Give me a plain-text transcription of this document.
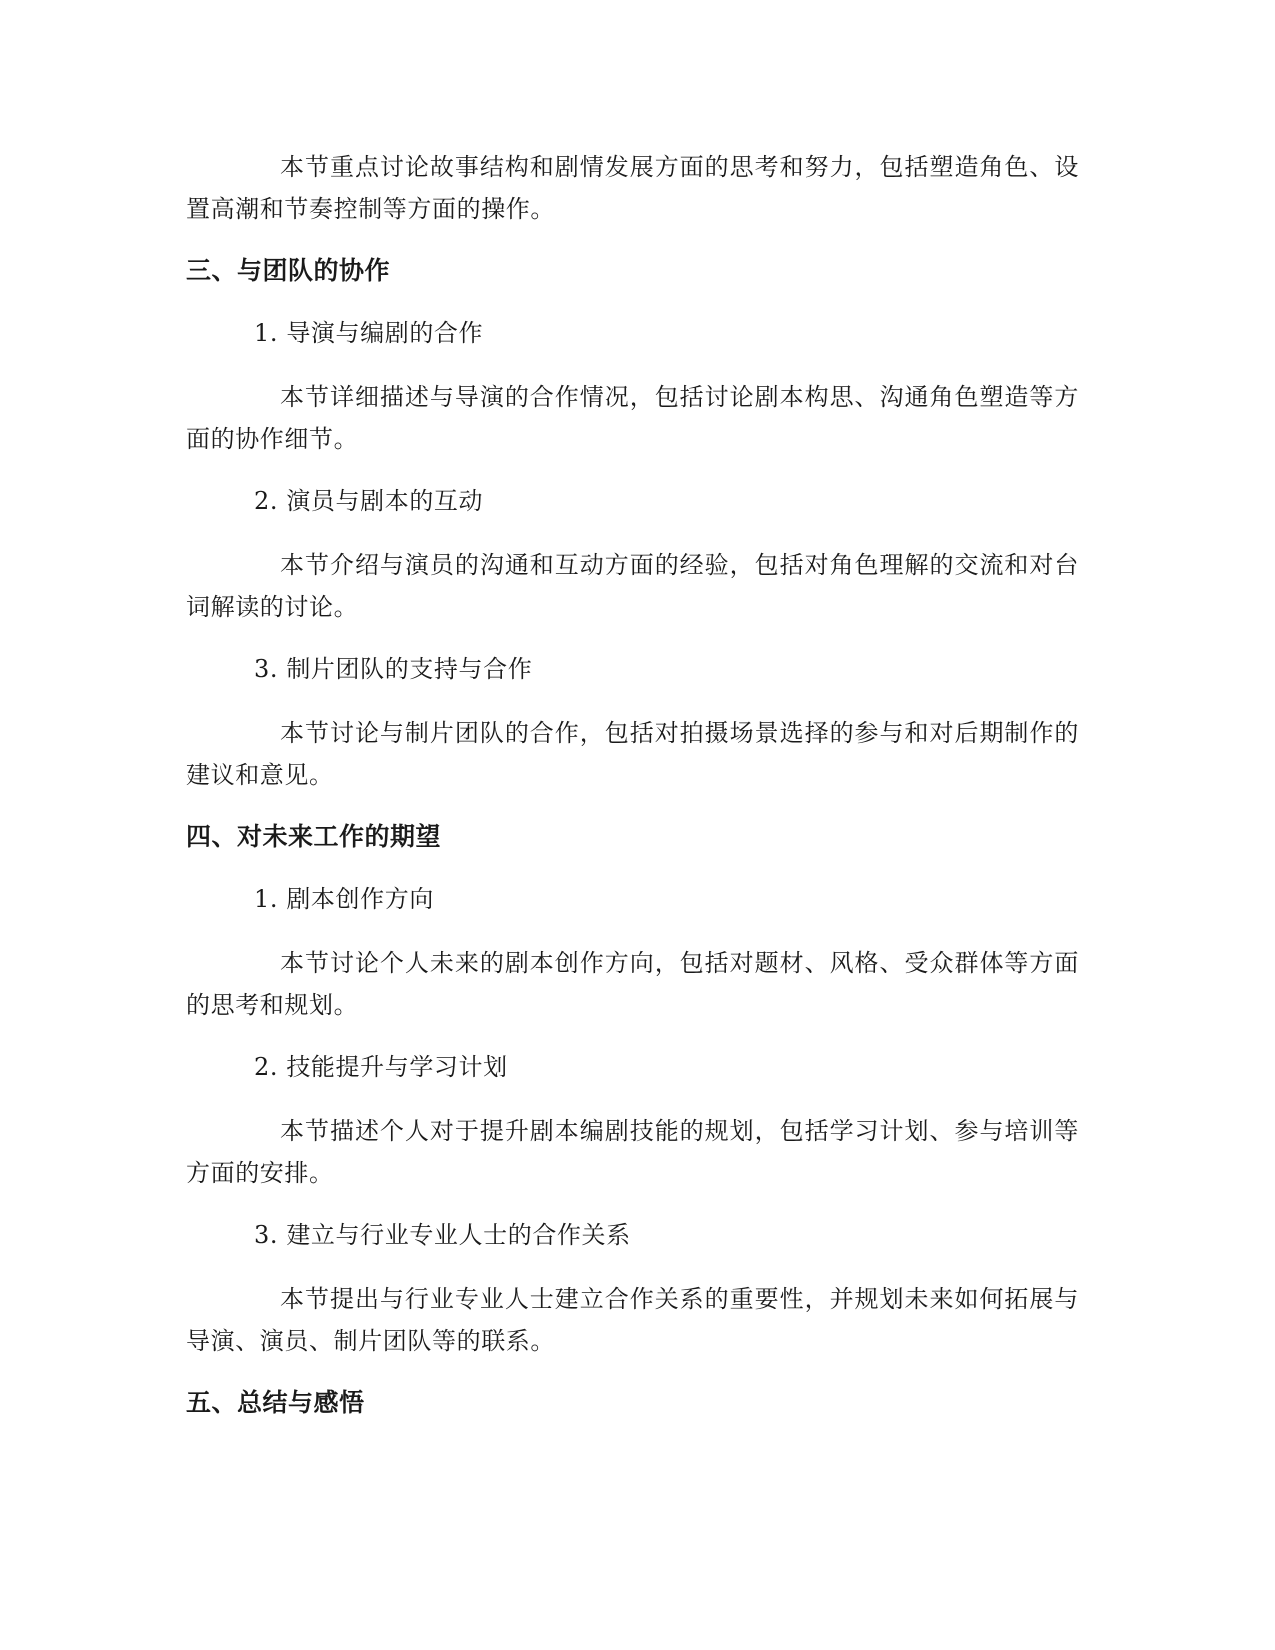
本节重点讨论故事结构和剧情发展方面的思考和努力，包括塑造角色、设置高潮和节奏控制等方面的操作。

三、与团队的协作
1. 导演与编剧的合作

本节详细描述与导演的合作情况，包括讨论剧本构思、沟通角色塑造等方面的协作细节。

2. 演员与剧本的互动

本节介绍与演员的沟通和互动方面的经验，包括对角色理解的交流和对台词解读的讨论。

3. 制片团队的支持与合作

本节讨论与制片团队的合作，包括对拍摄场景选择的参与和对后期制作的建议和意见。

四、对未来工作的期望
1. 剧本创作方向

本节讨论个人未来的剧本创作方向，包括对题材、风格、受众群体等方面的思考和规划。

2. 技能提升与学习计划

本节描述个人对于提升剧本编剧技能的规划，包括学习计划、参与培训等方面的安排。

3. 建立与行业专业人士的合作关系

本节提出与行业专业人士建立合作关系的重要性，并规划未来如何拓展与导演、演员、制片团队等的联系。

五、总结与感悟
